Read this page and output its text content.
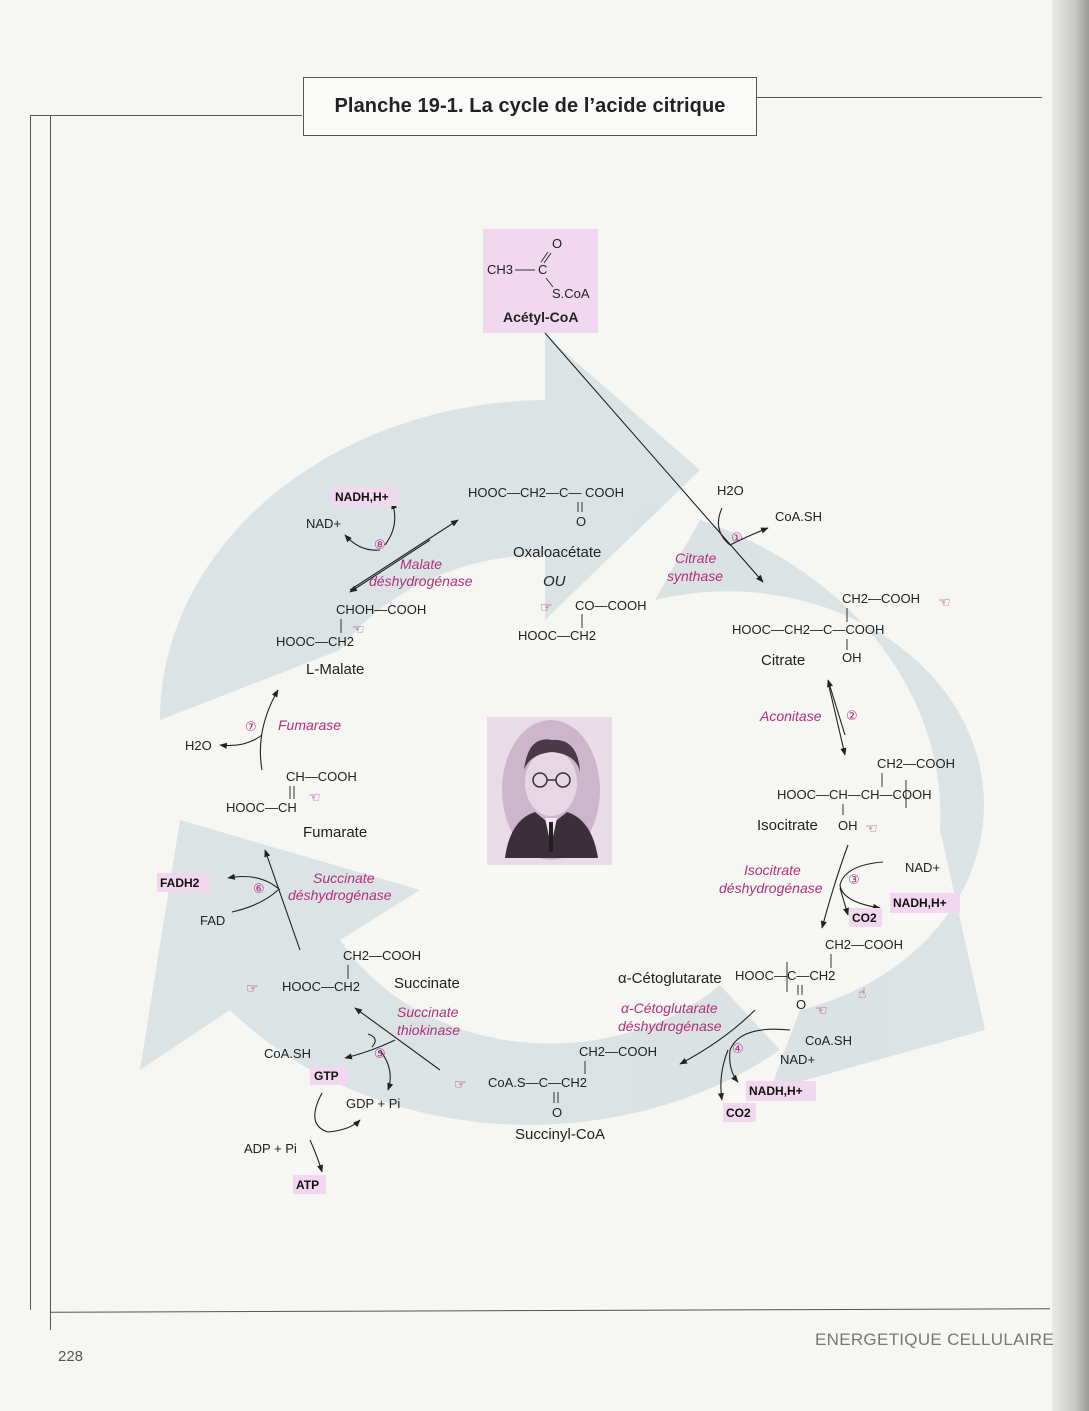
Planche 19-1. La cycle de l’acide citrique
O
CH3 C
S.CoA
Acétyl-CoA
HOOC—CH2—C— COOH
O
Oxaloacétate
OU
☞ CO—COOH
HOOC—CH2
CH2—COOH ☜
HOOC—CH2—C—COOH
OH
Citrate
CH2—COOH
HOOC—CH—CH—COOH
OH ☜
Isocitrate
CH2—COOH
HOOC—C—CH2
O ☜
☝
α-Cétoglutarate
CH2—COOH
☞ CoA.S—C—CH2
O
Succinyl-CoA
CH2—COOH
☞ HOOC—CH2 Succinate
CH—COOH
HOOC—CH
☜
Fumarate
CHOH—COOH
HOOC—CH2
☜
L-Malate
H2O
CoA.SH
①
Citrate
synthase
Aconitase ②
NAD+
NADH,H+
CO2
③
Isocitrate
déshydrogénase
CoA.SH
NAD+
NADH,H+
CO2
④
α-Cétoglutarate
déshydrogénase
CoA.SH
GTP
GDP + Pi
⑤
Succinate
thiokinase
ADP + Pi
ATP
FADH2
FAD
⑥
Succinate
déshydrogénase
H2O
⑦ Fumarase
NADH,H+
NAD+
⑧
Malate
déshydrogénase
228
ENERGETIQUE CELLULAIRE
